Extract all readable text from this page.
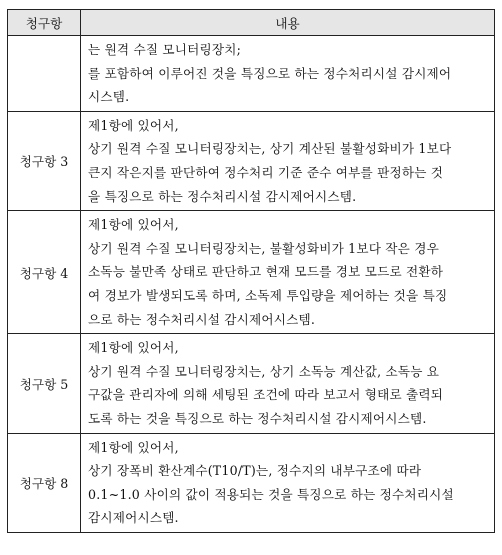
청구항	내용

	는 원격 수질 모니터링장치;
를 포함하여 이루어진 것을 특징으로 하는 정수처리시설 감시제어
시스템.

청구항 3	제1항에 있어서,
상기 원격 수질 모니터링장치는, 상기 계산된 불활성화비가 1보다
큰지 작은지를 판단하여 정수처리 기준 준수 여부를 판정하는 것
을 특징으로 하는 정수처리시설 감시제어시스템.

청구항 4	제1항에 있어서,
상기 원격 수질 모니터링장치는, 불활성화비가 1보다 작은 경우
소독능 불만족 상태로 판단하고 현재 모드를 경보 모드로 전환하
여 경보가 발생되도록 하며, 소독제 투입량을 제어하는 것을 특징
으로 하는 정수처리시설 감시제어시스템.

청구항 5	제1항에 있어서,
상기 원격 수질 모니터링장치는, 상기 소독능 계산값, 소독능 요
구값을 관리자에 의해 세팅된 조건에 따라 보고서 형태로 출력되
도록 하는 것을 특징으로 하는 정수처리시설 감시제어시스템.

청구항 8	제1항에 있어서,
상기 장폭비 환산계수(T10/T)는, 정수지의 내부구조에 따라
0.1~1.0 사이의 값이 적용되는 것을 특징으로 하는 정수처리시설
감시제어시스템.
